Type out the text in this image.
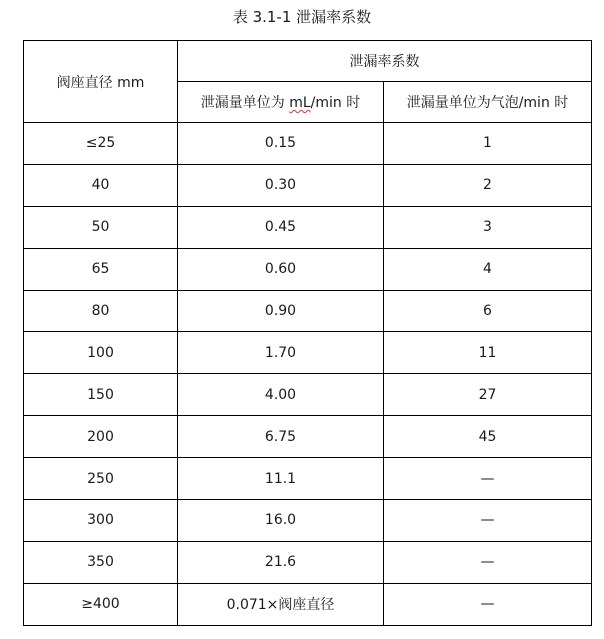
表 3.1-1 泄漏率系数
阀座直径 mm	泄漏率系数	
	泄漏量单位为 mL/min 时	泄漏量单位为气泡/min 时
≤25	0.15	1
40	0.30	2
50	0.45	3
65	0.60	4
80	0.90	6
100	1.70	11
150	4.00	27
200	6.75	45
250	11.1	—
300	16.0	—
350	21.6	—
≥400	0.071×阀座直径	—
